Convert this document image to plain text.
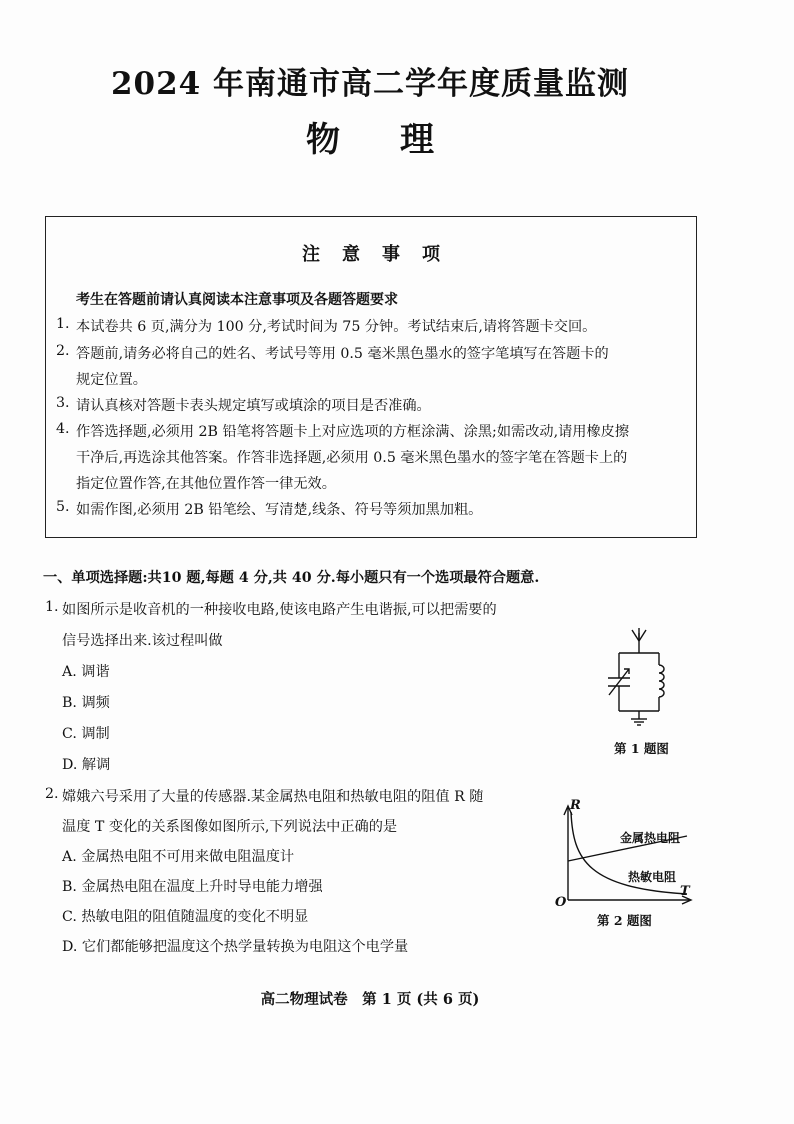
2024 年南通市高二学年度质量监测
物理
注意事项
考生在答题前请认真阅读本注意事项及各题答题要求
1. 本试卷共 6 页,满分为 100 分,考试时间为 75 分钟。考试结束后,请将答题卡交回。
2. 答题前,请务必将自己的姓名、考试号等用 0.5 毫米黑色墨水的签字笔填写在答题卡的
规定位置。
3. 请认真核对答题卡表头规定填写或填涂的项目是否准确。
4. 作答选择题,必须用 2B 铅笔将答题卡上对应选项的方框涂满、涂黑;如需改动,请用橡皮擦
干净后,再选涂其他答案。作答非选择题,必须用 0.5 毫米黑色墨水的签字笔在答题卡上的
指定位置作答,在其他位置作答一律无效。
5. 如需作图,必须用 2B 铅笔绘、写清楚,线条、符号等须加黑加粗。
一、单项选择题:共10 题,每题 4 分,共 40 分.每小题只有一个选项最符合题意.
1. 如图所示是收音机的一种接收电路,使该电路产生电谐振,可以把需要的
信号选择出来.该过程叫做
A. 调谐
B. 调频
C. 调制
D. 解调
第 1 题图
2. 嫦娥六号采用了大量的传感器.某金属热电阻和热敏电阻的阻值 R 随
温度 T 变化的关系图像如图所示,下列说法中正确的是
A. 金属热电阻不可用来做电阻温度计
B. 金属热电阻在温度上升时导电能力增强
C. 热敏电阻的阻值随温度的变化不明显
D. 它们都能够把温度这个热学量转换为电阻这个电学量
R
T
O
金属热电阻
热敏电阻
第 2 题图
高二物理试卷　第 1 页 (共 6 页)
